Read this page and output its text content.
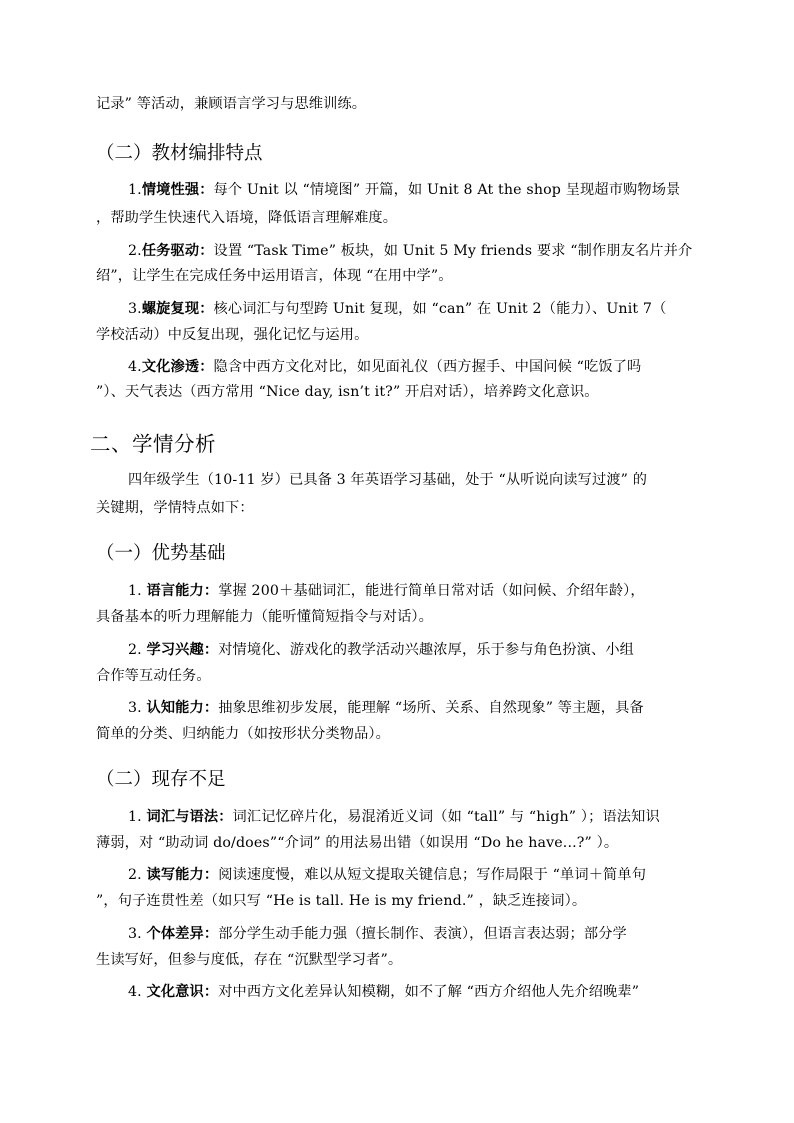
记录” 等活动，兼顾语言学习与思维训练。
（二）教材编排特点
1.情境性强：每个 Unit 以 “情境图” 开篇，如 Unit 8 At the shop 呈现超市购物场景
，帮助学生快速代入语境，降低语言理解难度。
2.任务驱动：设置 “Task Time” 板块，如 Unit 5 My friends 要求 “制作朋友名片并介
绍”，让学生在完成任务中运用语言，体现 “在用中学”。
3.螺旋复现：核心词汇与句型跨 Unit 复现，如 “can” 在 Unit 2（能力）、Unit 7（
学校活动）中反复出现，强化记忆与运用。
4.文化渗透：隐含中西方文化对比，如见面礼仪（西方握手、中国问候 “吃饭了吗
”）、天气表达（西方常用 “Nice day, isn’t it?” 开启对话），培养跨文化意识。
二、学情分析
四年级学生（10-11 岁）已具备 3 年英语学习基础，处于 “从听说向读写过渡” 的
关键期，学情特点如下：
（一）优势基础
1. 语言能力：掌握 200＋基础词汇，能进行简单日常对话（如问候、介绍年龄），
具备基本的听力理解能力（能听懂简短指令与对话）。
2. 学习兴趣：对情境化、游戏化的教学活动兴趣浓厚，乐于参与角色扮演、小组
合作等互动任务。
3. 认知能力：抽象思维初步发展，能理解 “场所、关系、自然现象” 等主题，具备
简单的分类、归纳能力（如按形状分类物品）。
（二）现存不足
1. 词汇与语法：词汇记忆碎片化，易混淆近义词（如 “tall” 与 “high” ）；语法知识
薄弱，对 “助动词 do/does”“介词” 的用法易出错（如误用 “Do he have...?” ）。
2. 读写能力：阅读速度慢，难以从短文提取关键信息；写作局限于 “单词＋简单句
”，句子连贯性差（如只写 “He is tall. He is my friend.” ，缺乏连接词）。
3. 个体差异：部分学生动手能力强（擅长制作、表演），但语言表达弱；部分学
生读写好，但参与度低，存在 “沉默型学习者”。
4. 文化意识：对中西方文化差异认知模糊，如不了解 “西方介绍他人先介绍晚辈”
